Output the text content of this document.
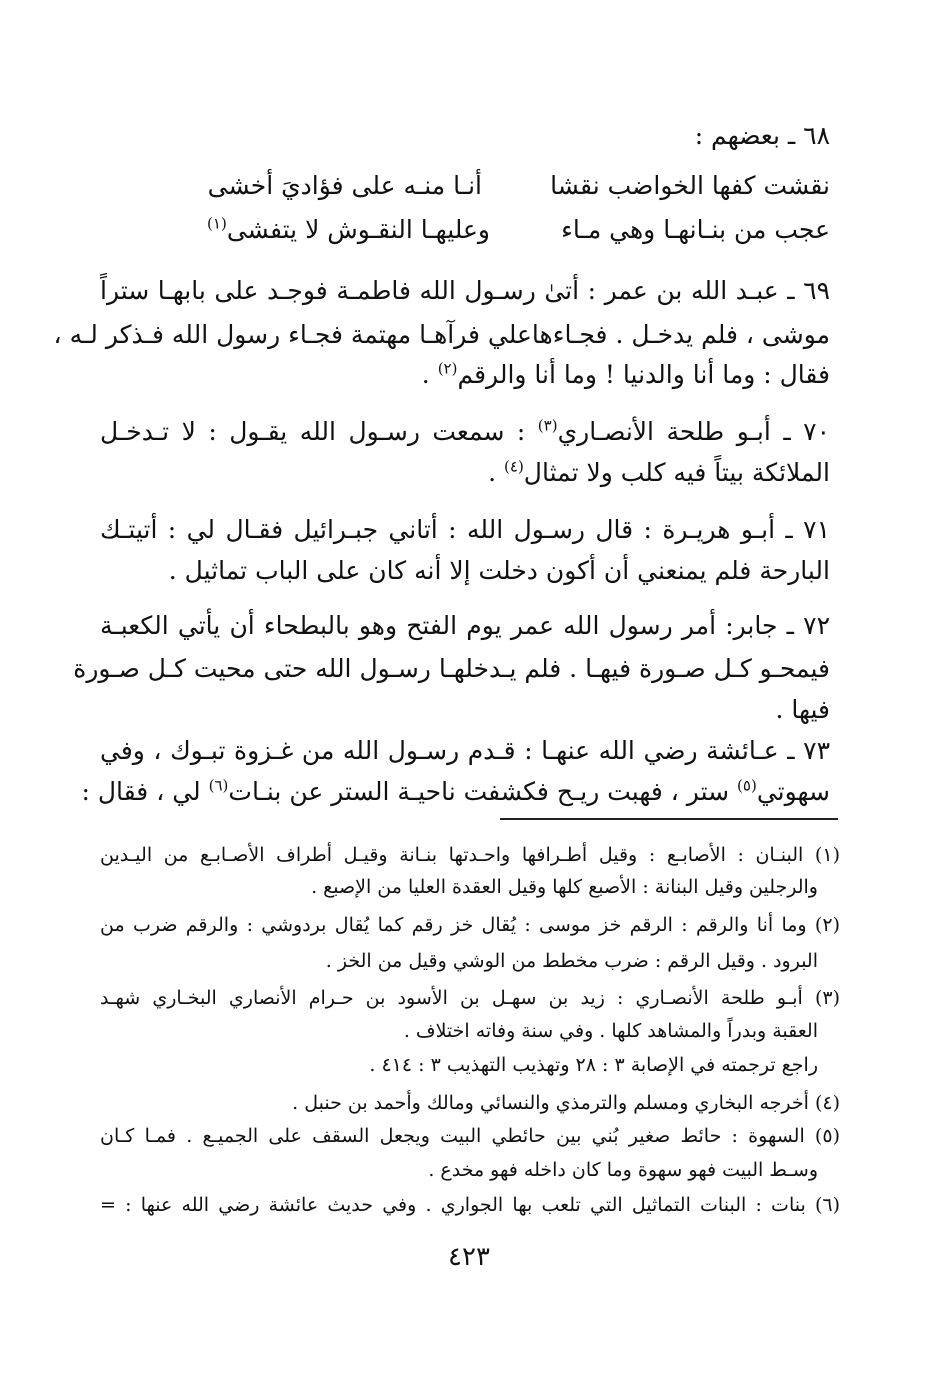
٦٨ ـ بعضهم :
نقشت كفها الخواضب نقشا
أنـا منـه على فؤاديَ أخشى
عجب من بنـانهـا وهي مـاء
وعليهـا النقـوش لا يتفشى$^{(١)}$
٦٩ ـ عبـد الله بن عمر : أتىٰ رسـول الله فاطمـة فوجـد على بابهـا ستراً
موشى ، فلم يدخـل . فجـاءهاعلي فرآهـا مهتمة فجـاء رسول الله فـذكر لـه ،
فقال : وما أنا والدنيا ! وما أنا والرقم$^{(٢)}$ .
٧٠ ـ أبـو طلحة الأنصـاري$^{(٣)}$ : سمعت رسـول الله يقـول : لا تـدخـل
الملائكة بيتاً فيه كلب ولا تمثال$^{(٤)}$ .
٧١ ـ أبـو هريـرة : قال رسـول الله : أتاني جبـرائيل فقـال لي : أتيتـك
البارحة فلم يمنعني أن أكون دخلت إلا أنه كان على الباب تماثيل .
٧٢ ـ جابر: أمر رسول الله عمر يوم الفتح وهو بالبطحاء أن يأتي الكعبـة
فيمحـو كـل صـورة فيهـا . فلم يـدخلهـا رسـول الله حتى محيت كـل صـورة
فيها .
٧٣ ـ عـائشة رضي الله عنهـا : قـدم رسـول الله من غـزوة تبـوك ، وفي
سهوتي$^{(٥)}$ ستر ، فهبت ريـح فكشفت ناحيـة الستر عن بنـات$^{(٦)}$ لي ، فقال :
(١) البنـان : الأصابـع : وقيل أطـرافها واحـدتها بنـانة وقيـل أطراف الأصـابـع من اليـدين
والرجلين وقيل البنانة : الأصبع كلها وقيل العقدة العليا من الإصبع .
(٢) وما أنا والرقم : الرقم خز موسى : يُقال خز رقم كما يُقال بردوشي : والرقم ضرب من
البرود . وقيل الرقم : ضرب مخطط من الوشي وقيل من الخز .
(٣) أبـو طلحة الأنصـاري : زيد بن سهـل بن الأسود بن حـرام الأنصاري البخـاري شهـد
العقبة وبدراً والمشاهد كلها . وفي سنة وفاته اختلاف .
راجع ترجمته في الإصابة ٣ : ٢٨ وتهذيب التهذيب ٣ : ٤١٤ .
(٤) أخرجه البخاري ومسلم والترمذي والنسائي ومالك وأحمد بن حنبل .
(٥) السهوة : حائط صغير بُني بين حائطي البيت ويجعل السقف على الجميـع . فمـا كـان
وسـط البيت فهو سهوة وما كان داخله فهو مخدع .
(٦) بنات : البنات التماثيل التي تلعب بها الجواري . وفي حديث عائشة رضي الله عنها : =
٤٢٣
